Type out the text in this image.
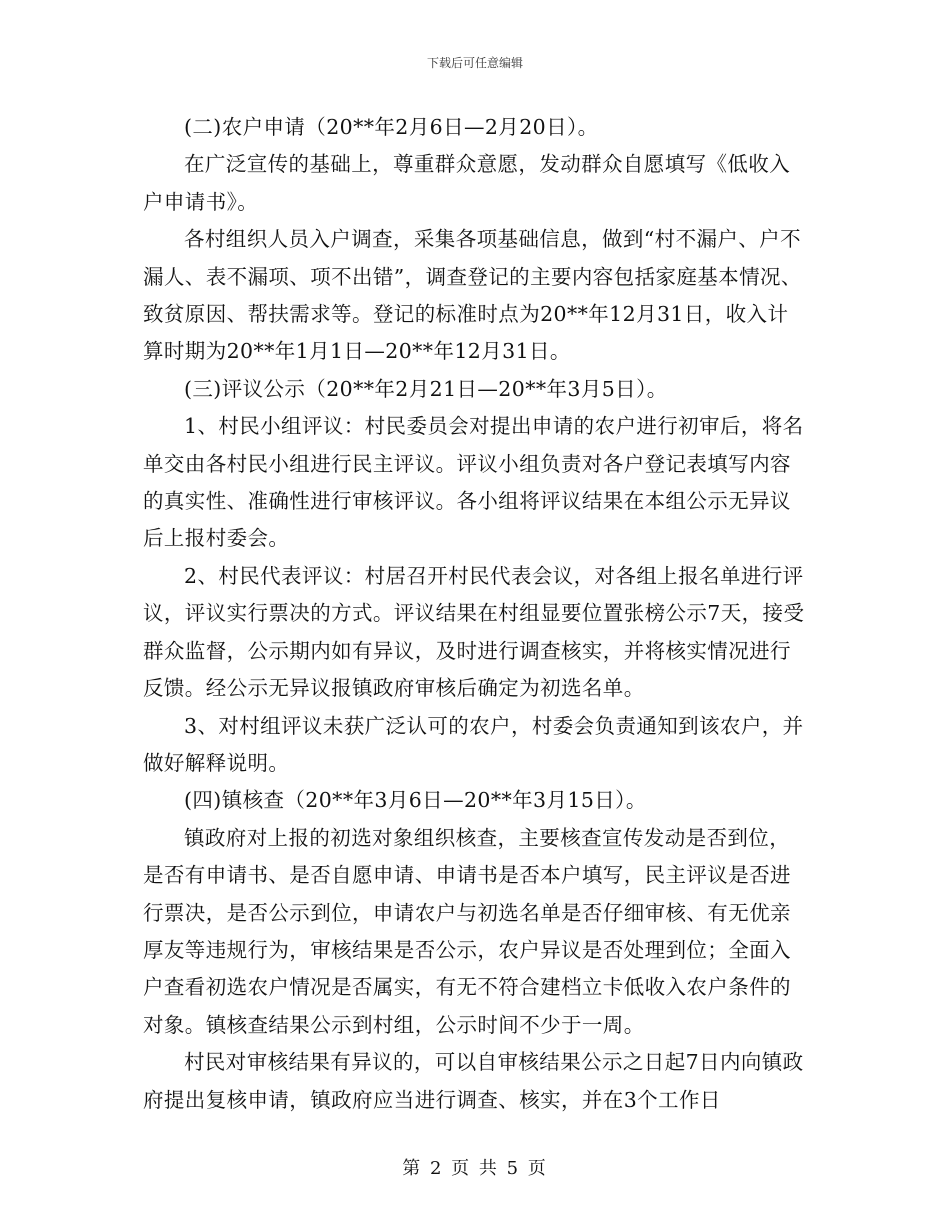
下载后可任意编辑

(二)农户申请（20**年2月6日—2月20日）。

在广泛宣传的基础上，尊重群众意愿，发动群众自愿填写《低收入户申请书》。

各村组织人员入户调查，采集各项基础信息，做到“村不漏户、户不漏人、表不漏项、项不出错”，调查登记的主要内容包括家庭基本情况、致贫原因、帮扶需求等。登记的标准时点为20**年12月31日，收入计算时期为20**年1月1日—20**年12月31日。

(三)评议公示（20**年2月21日—20**年3月5日）。

1、村民小组评议：村民委员会对提出申请的农户进行初审后，将名单交由各村民小组进行民主评议。评议小组负责对各户登记表填写内容的真实性、准确性进行审核评议。各小组将评议结果在本组公示无异议后上报村委会。

2、村民代表评议：村居召开村民代表会议，对各组上报名单进行评议，评议实行票决的方式。评议结果在村组显要位置张榜公示7天，接受群众监督，公示期内如有异议，及时进行调查核实，并将核实情况进行反馈。经公示无异议报镇政府审核后确定为初选名单。

3、对村组评议未获广泛认可的农户，村委会负责通知到该农户，并做好解释说明。

(四)镇核查（20**年3月6日—20**年3月15日）。

镇政府对上报的初选对象组织核查，主要核查宣传发动是否到位，是否有申请书、是否自愿申请、申请书是否本户填写，民主评议是否进行票决，是否公示到位，申请农户与初选名单是否仔细审核、有无优亲厚友等违规行为，审核结果是否公示，农户异议是否处理到位；全面入户查看初选农户情况是否属实，有无不符合建档立卡低收入农户条件的对象。镇核查结果公示到村组，公示时间不少于一周。

村民对审核结果有异议的，可以自审核结果公示之日起7日内向镇政府提出复核申请，镇政府应当进行调查、核实，并在3个工作日

第 2 页 共 5 页
